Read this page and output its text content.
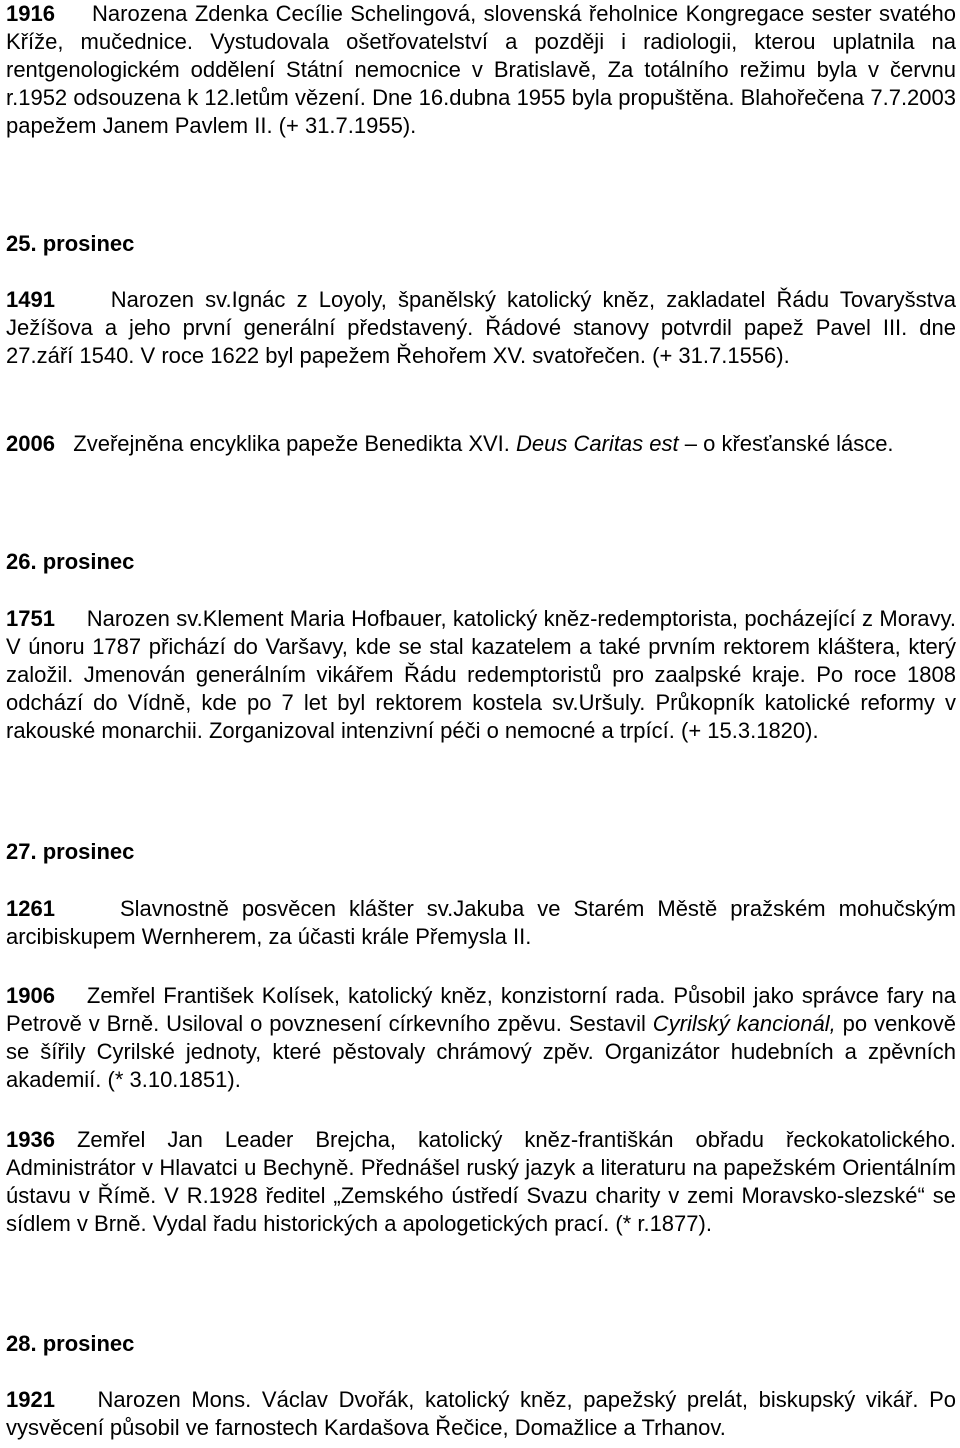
1916 Narozena Zdenka Cecílie Schelingová, slovenská řeholnice Kongregace sester svatého Kříže, mučednice. Vystudovala ošetřovatelství a později i radiologii, kterou uplatnila na rentgenologickém oddělení Státní nemocnice v Bratislavě, Za totálního režimu byla v červnu r.1952 odsouzena k 12.letům vězení. Dne 16.dubna 1955 byla propuštěna. Blahořečena 7.7.2003 papežem Janem Pavlem II. (+ 31.7.1955).

25. prosinec

1491	Narozen sv.Ignác z Loyoly, španělský katolický kněz, zakladatel Řádu Tovaryšstva Ježíšova a jeho první generální představený. Řádové stanovy potvrdil papež Pavel III. dne 27.září 1540. V roce 1622 byl papežem Řehořem XV. svatořečen. (+ 31.7.1556).

2006 Zveřejněna encyklika papeže Benedikta XVI. Deus Caritas est – o křesťanské lásce.

26. prosinec

1751 Narozen sv.Klement Maria Hofbauer, katolický kněz-redemptorista, pocházející z Moravy. V únoru 1787 přichází do Varšavy, kde se stal kazatelem a také prvním rektorem kláštera, který založil. Jmenován generálním vikářem Řádu redemptoristů pro zaalpské kraje. Po roce 1808 odchází do Vídně, kde po 7 let byl rektorem kostela sv.Uršuly. Průkopník katolické reformy v rakouské monarchii. Zorganizoval intenzivní péči o nemocné a trpící. (+ 15.3.1820).

27. prosinec

1261	Slavnostně posvěcen klášter sv.Jakuba ve Starém Městě pražském mohučským arcibiskupem Wernherem, za účasti krále Přemysla II.

1906 Zemřel František Kolísek, katolický kněz, konzistorní rada. Působil jako správce fary na Petrově v Brně. Usiloval o povznesení církevního zpěvu. Sestavil Cyrilský kancionál, po venkově se šířily Cyrilské jednoty, které pěstovaly chrámový zpěv. Organizátor hudebních a zpěvních akademií. (* 3.10.1851).

1936 Zemřel Jan Leader Brejcha, katolický kněz-františkán obřadu řeckokatolického. Administrátor v Hlavatci u Bechyně. Přednášel ruský jazyk a literaturu na papežském Orientálním ústavu v Římě. V R.1928 ředitel „Zemského ústředí Svazu charity v zemi Moravsko-slezské“ se sídlem v Brně. Vydal řadu historických a apologetických prací. (* r.1877).

28. prosinec

1921 Narozen Mons. Václav Dvořák, katolický kněz, papežský prelát, biskupský vikář. Po vysvěcení působil ve farnostech Kardašova Řečice, Domažlice a Trhanov.
